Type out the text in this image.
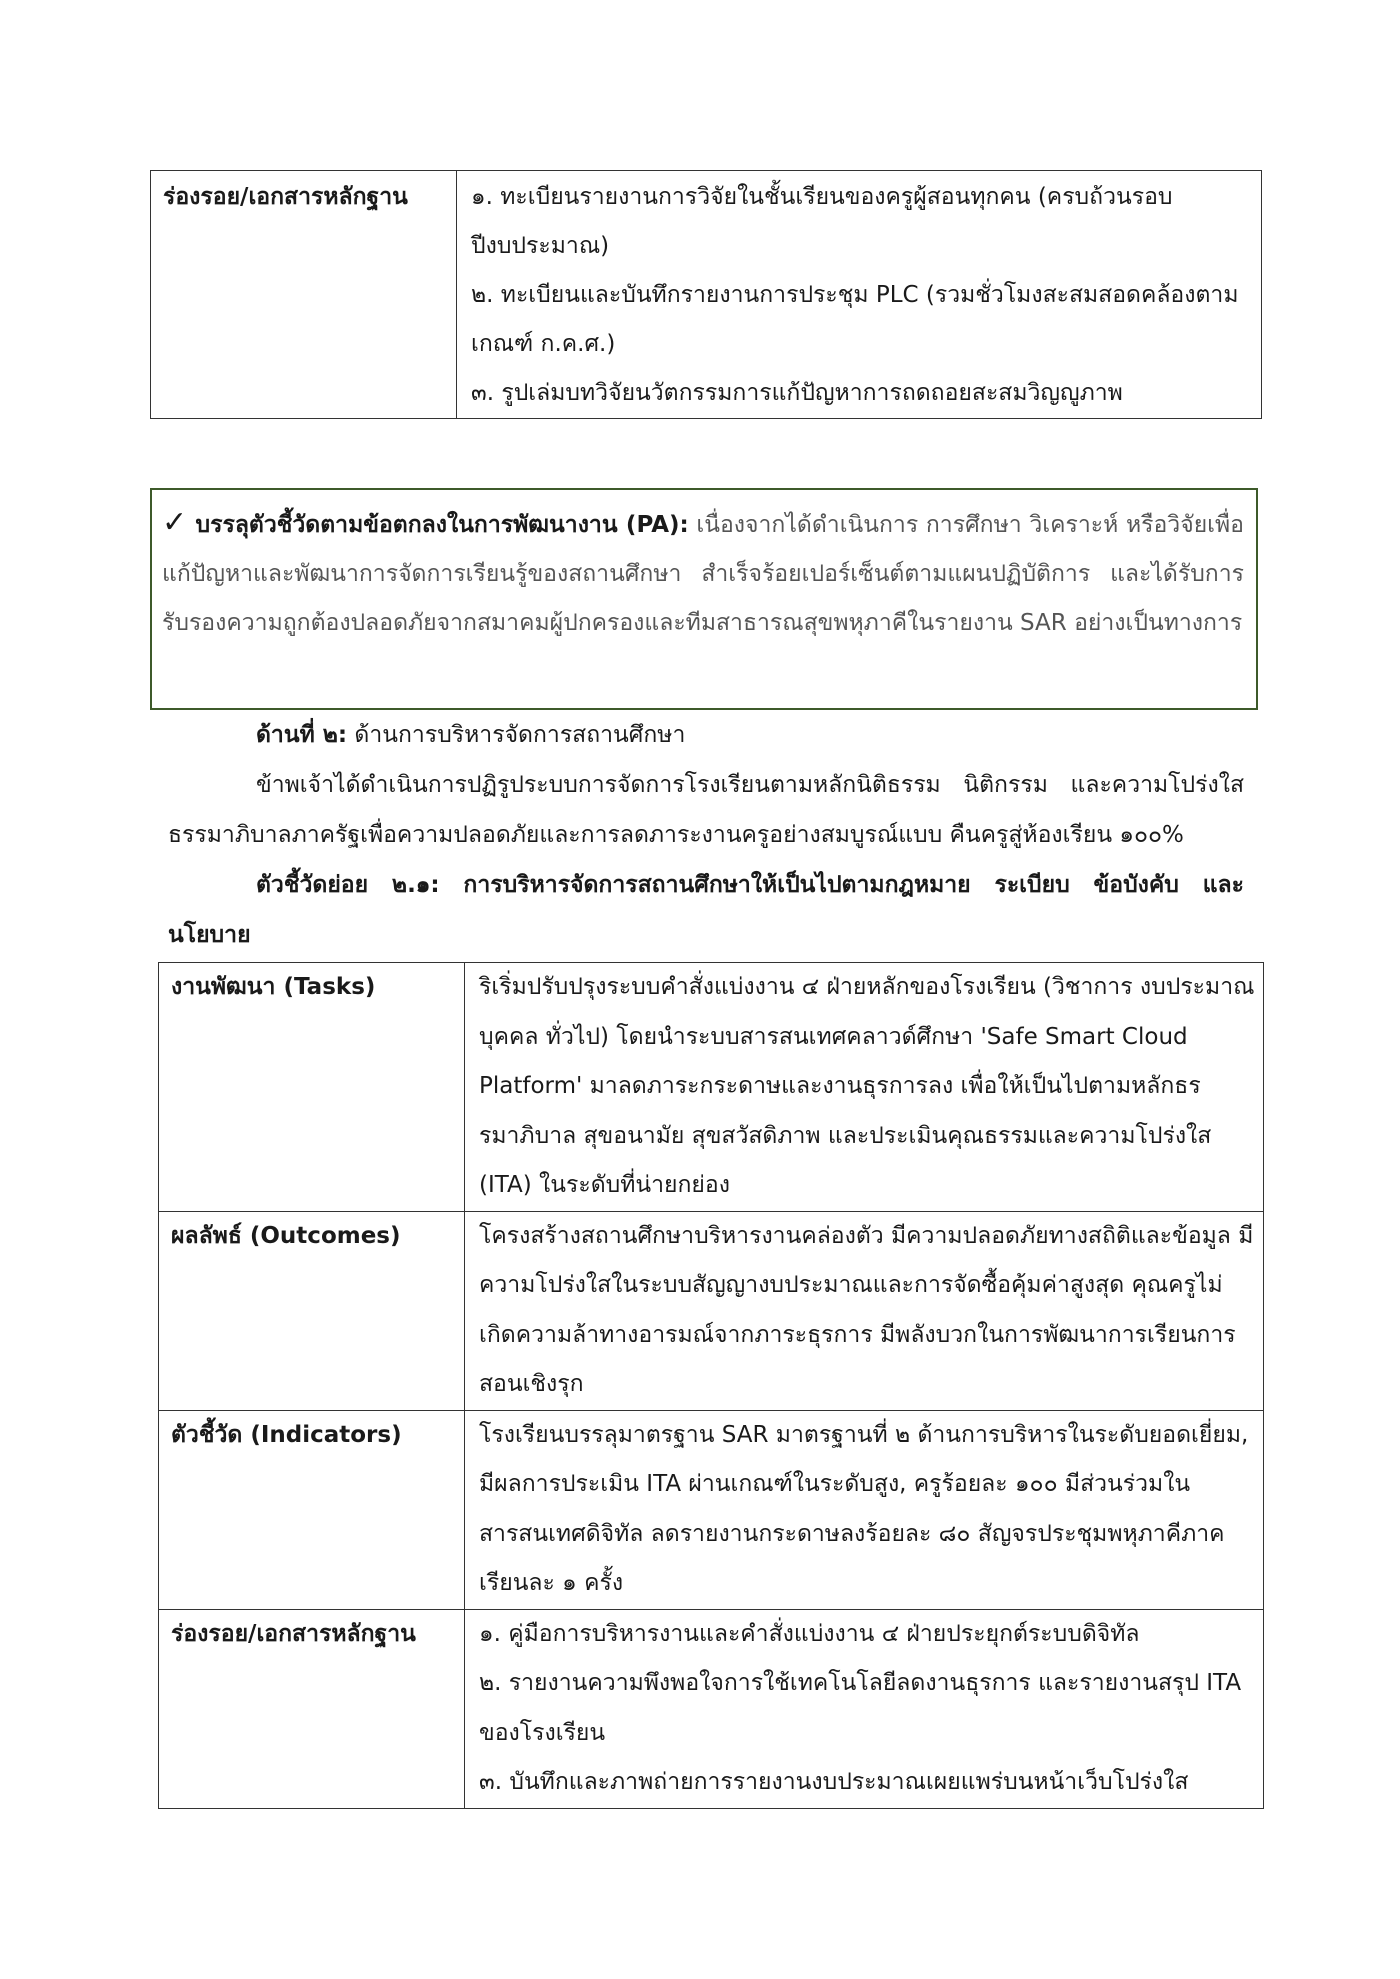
ร่องรอย/เอกสารหลักฐาน	๑. ทะเบียนรายงานการวิจัยในชั้นเรียนของครูผู้สอนทุกคน (ครบถ้วนรอบปีงบประมาณ)

๒. ทะเบียนและบันทึกรายงานการประชุม PLC (รวมชั่วโมงสะสมสอดคล้องตามเกณฑ์ ก.ค.ศ.)

๓. รูปเล่มบทวิจัยนวัตกรรมการแก้ปัญหาการถดถอยสะสมวิญญูภาพ

✓ บรรลุตัวชี้วัดตามข้อตกลงในการพัฒนางาน (PA): เนื่องจากได้ดำเนินการ การศึกษา วิเคราะห์ หรือวิจัยเพื่อแก้ปัญหาและพัฒนาการจัดการเรียนรู้ของสถานศึกษา สำเร็จร้อยเปอร์เซ็นต์ตามแผนปฏิบัติการ และได้รับการรับรองความถูกต้องปลอดภัยจากสมาคมผู้ปกครองและทีมสาธารณสุขพหุภาคีในรายงาน SAR อย่างเป็นทางการ
ด้านที่ ๒: ด้านการบริหารจัดการสถานศึกษา
ข้าพเจ้าได้ดำเนินการปฏิรูประบบการจัดการโรงเรียนตามหลักนิติธรรม นิติกรรม และความโปร่งใส ธรรมาภิบาลภาครัฐเพื่อความปลอดภัยและการลดภาระงานครูอย่างสมบูรณ์แบบ คืนครูสู่ห้องเรียน ๑๐๐%
ตัวชี้วัดย่อย ๒.๑: การบริหารจัดการสถานศึกษาให้เป็นไปตามกฎหมาย ระเบียบ ข้อบังคับ และนโยบาย
งานพัฒนา (Tasks)	ริเริ่มปรับปรุงระบบคำสั่งแบ่งงาน ๔ ฝ่ายหลักของโรงเรียน (วิชาการ งบประมาณ บุคคล ทั่วไป) โดยนำระบบสารสนเทศคลาวด์ศึกษา 'Safe Smart Cloud Platform' มาลดภาระกระดาษและงานธุรการลง เพื่อให้เป็นไปตามหลักธรรมาภิบาล สุขอนามัย สุขสวัสดิภาพ และประเมินคุณธรรมและความโปร่งใส (ITA) ในระดับที่น่ายกย่อง
ผลลัพธ์ (Outcomes)	โครงสร้างสถานศึกษาบริหารงานคล่องตัว มีความปลอดภัยทางสถิติและข้อมูล มีความโปร่งใสในระบบสัญญางบประมาณและการจัดซื้อคุ้มค่าสูงสุด คุณครูไม่เกิดความล้าทางอารมณ์จากภาระธุรการ มีพลังบวกในการพัฒนาการเรียนการสอนเชิงรุก
ตัวชี้วัด (Indicators)	โรงเรียนบรรลุมาตรฐาน SAR มาตรฐานที่ ๒ ด้านการบริหารในระดับยอดเยี่ยม, มีผลการประเมิน ITA ผ่านเกณฑ์ในระดับสูง, ครูร้อยละ ๑๐๐ มีส่วนร่วมในสารสนเทศดิจิทัล ลดรายงานกระดาษลงร้อยละ ๘๐ สัญจรประชุมพหุภาคีภาคเรียนละ ๑ ครั้ง
ร่องรอย/เอกสารหลักฐาน	๑. คู่มือการบริหารงานและคำสั่งแบ่งงาน ๔ ฝ่ายประยุกต์ระบบดิจิทัล

๒. รายงานความพึงพอใจการใช้เทคโนโลยีลดงานธุรการ และรายงานสรุป ITA ของโรงเรียน

๓. บันทึกและภาพถ่ายการรายงานงบประมาณเผยแพร่บนหน้าเว็บโปร่งใส
